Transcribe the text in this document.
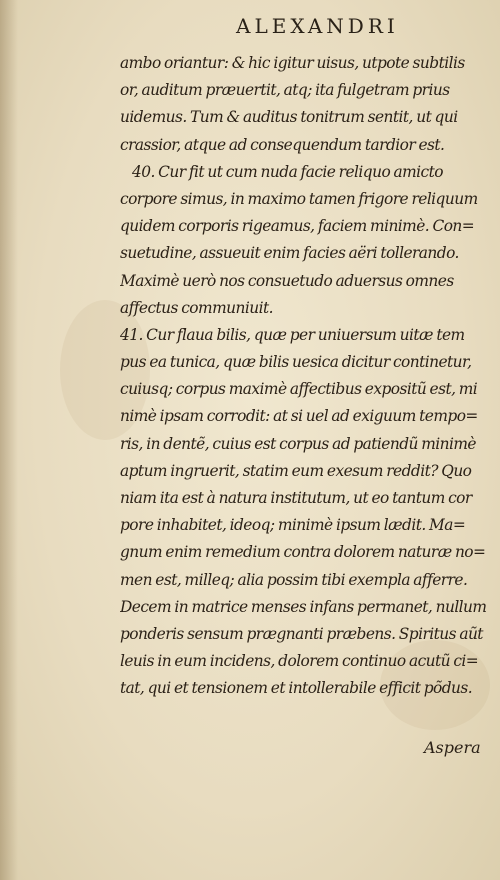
ALEXANDRI
ambo oriantur: & hic igitur uisus, utpote subtilis
or, auditum præuertit, atq; ita fulgetram prius
uidemus. Tum & auditus tonitrum sentit, ut qui
crassior, atque ad consequendum tardior est.
40. Cur fit ut cum nuda facie reliquo amicto
corpore simus, in maximo tamen frigore reliquum
quidem corporis rigeamus, faciem minimè. Con=
suetudine, assueuit enim facies aëri tollerando.
Maximè uerò nos consuetudo aduersus omnes
affectus communiuit.
41. Cur flaua bilis, quæ per uniuersum uitæ tem
pus ea tunica, quæ bilis uesica dicitur continetur,
cuiusq; corpus maximè affectibus expositũ est, mi
nimè ipsam corrodit: at si uel ad exiguum tempo=
ris, in dentẽ, cuius est corpus ad patiendũ minimè
aptum ingruerit, statim eum exesum reddit? Quo
niam ita est à natura institutum, ut eo tantum cor
pore inhabitet, ideoq; minimè ipsum lædit. Ma=
gnum enim remedium contra dolorem naturæ no=
men est, milleq; alia possim tibi exempla afferre.
Decem in matrice menses infans permanet, nullum
ponderis sensum prægnanti præbens. Spiritus aũt
leuis in eum incidens, dolorem continuo acutũ ci=
tat, qui et tensionem et intollerabile efficit põdus.
Aspera
